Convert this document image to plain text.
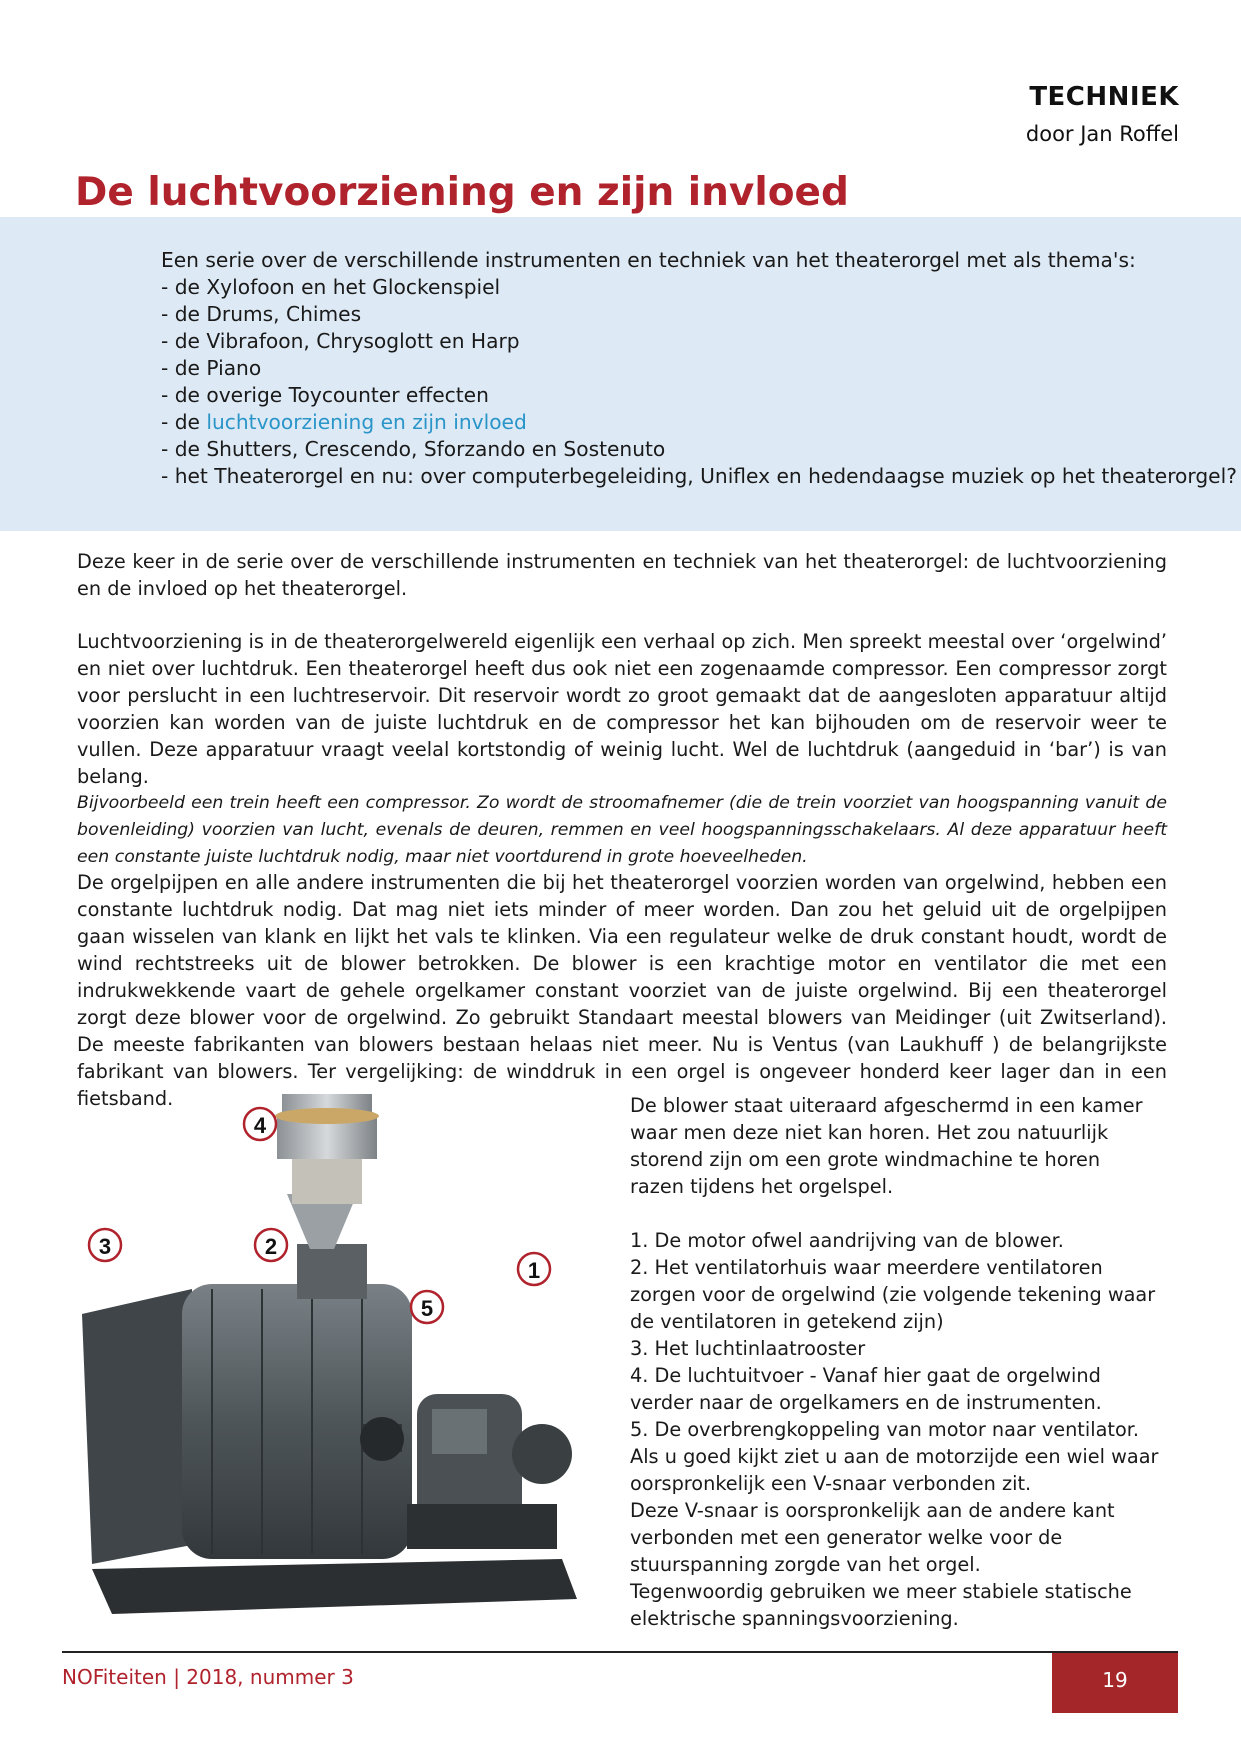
TECHNIEK
door Jan Roffel
De luchtvoorziening en zijn invloed
Een serie over de verschillende instrumenten en techniek van het theaterorgel met als thema's:
- de Xylofoon en het Glockenspiel
- de Drums, Chimes
- de Vibrafoon, Chrysoglott en Harp
- de Piano
- de overige Toycounter effecten
- de luchtvoorziening en zijn invloed
- de Shutters, Crescendo, Sforzando en Sostenuto
- het Theaterorgel en nu: over computerbegeleiding, Uniflex en hedendaagse muziek op het theaterorgel?

Deze keer in de serie over de verschillende instrumenten en techniek van het theaterorgel: de luchtvoorziening en de invloed op het theaterorgel.

Luchtvoorziening is in de theaterorgelwereld eigenlijk een verhaal op zich. Men spreekt meestal over ‘orgelwind’ en niet over luchtdruk. Een theaterorgel heeft dus ook niet een zogenaamde compressor. Een compressor zorgt voor perslucht in een luchtreservoir. Dit reservoir wordt zo groot gemaakt dat de aangesloten apparatuur altijd voorzien kan worden van de juiste luchtdruk en de compressor het kan bijhouden om de reservoir weer te vullen. Deze apparatuur vraagt veelal kortstondig of weinig lucht. Wel de luchtdruk (aangeduid in ‘bar’) is van belang.

Bijvoorbeeld een trein heeft een compressor. Zo wordt de stroomafnemer (die de trein voorziet van hoogspanning vanuit de bovenleiding) voorzien van lucht, evenals de deuren, remmen en veel hoogspanningsschakelaars. Al deze apparatuur heeft een constante juiste luchtdruk nodig, maar niet voortdurend in grote hoeveelheden.

De orgelpijpen en alle andere instrumenten die bij het theaterorgel voorzien worden van orgelwind, hebben een constante luchtdruk nodig. Dat mag niet iets minder of meer worden. Dan zou het geluid uit de orgelpijpen gaan wisselen van klank en lijkt het vals te klinken. Via een regulateur welke de druk constant houdt, wordt de wind rechtstreeks uit de blower betrokken. De blower is een krachtige motor en ventilator die met een indrukwekkende vaart de gehele orgelkamer constant voorziet van de juiste orgelwind. Bij een theaterorgel zorgt deze blower voor de orgelwind. Zo gebruikt Standaart meestal blowers van Meidinger (uit Zwitserland). De meeste fabrikanten van blowers bestaan helaas niet meer. Nu is Ventus (van Laukhuff ) de belangrijkste fabrikant van blowers. Ter vergelijking: de winddruk in een orgel is ongeveer honderd keer lager dan in een fietsband.

4
3	2
1
5

De blower staat uiteraard afgeschermd in een kamer waar men deze niet kan horen. Het zou natuurlijk storend zijn om een grote windmachine te horen razen tijdens het orgelspel.

1. De motor ofwel aandrijving van de blower.

2. Het ventilatorhuis waar meerdere ventilatoren zorgen voor de orgelwind (zie volgende tekening waar de ventilatoren in getekend zijn)

3. Het luchtinlaatrooster

4. De luchtuitvoer - Vanaf hier gaat de orgelwind verder naar de orgelkamers en de instrumenten.

5. De overbrengkoppeling van motor naar ventilator.

Als u goed kijkt ziet u aan de motorzijde een wiel waar oorspronkelijk een V-snaar verbonden zit.

Deze V-snaar is oorspronkelijk aan de andere kant verbonden met een generator welke voor de stuurspanning zorgde van het orgel.

Tegenwoordig gebruiken we meer stabiele statische elektrische spanningsvoorziening.

NOFiteiten | 2018, nummer 3	19
